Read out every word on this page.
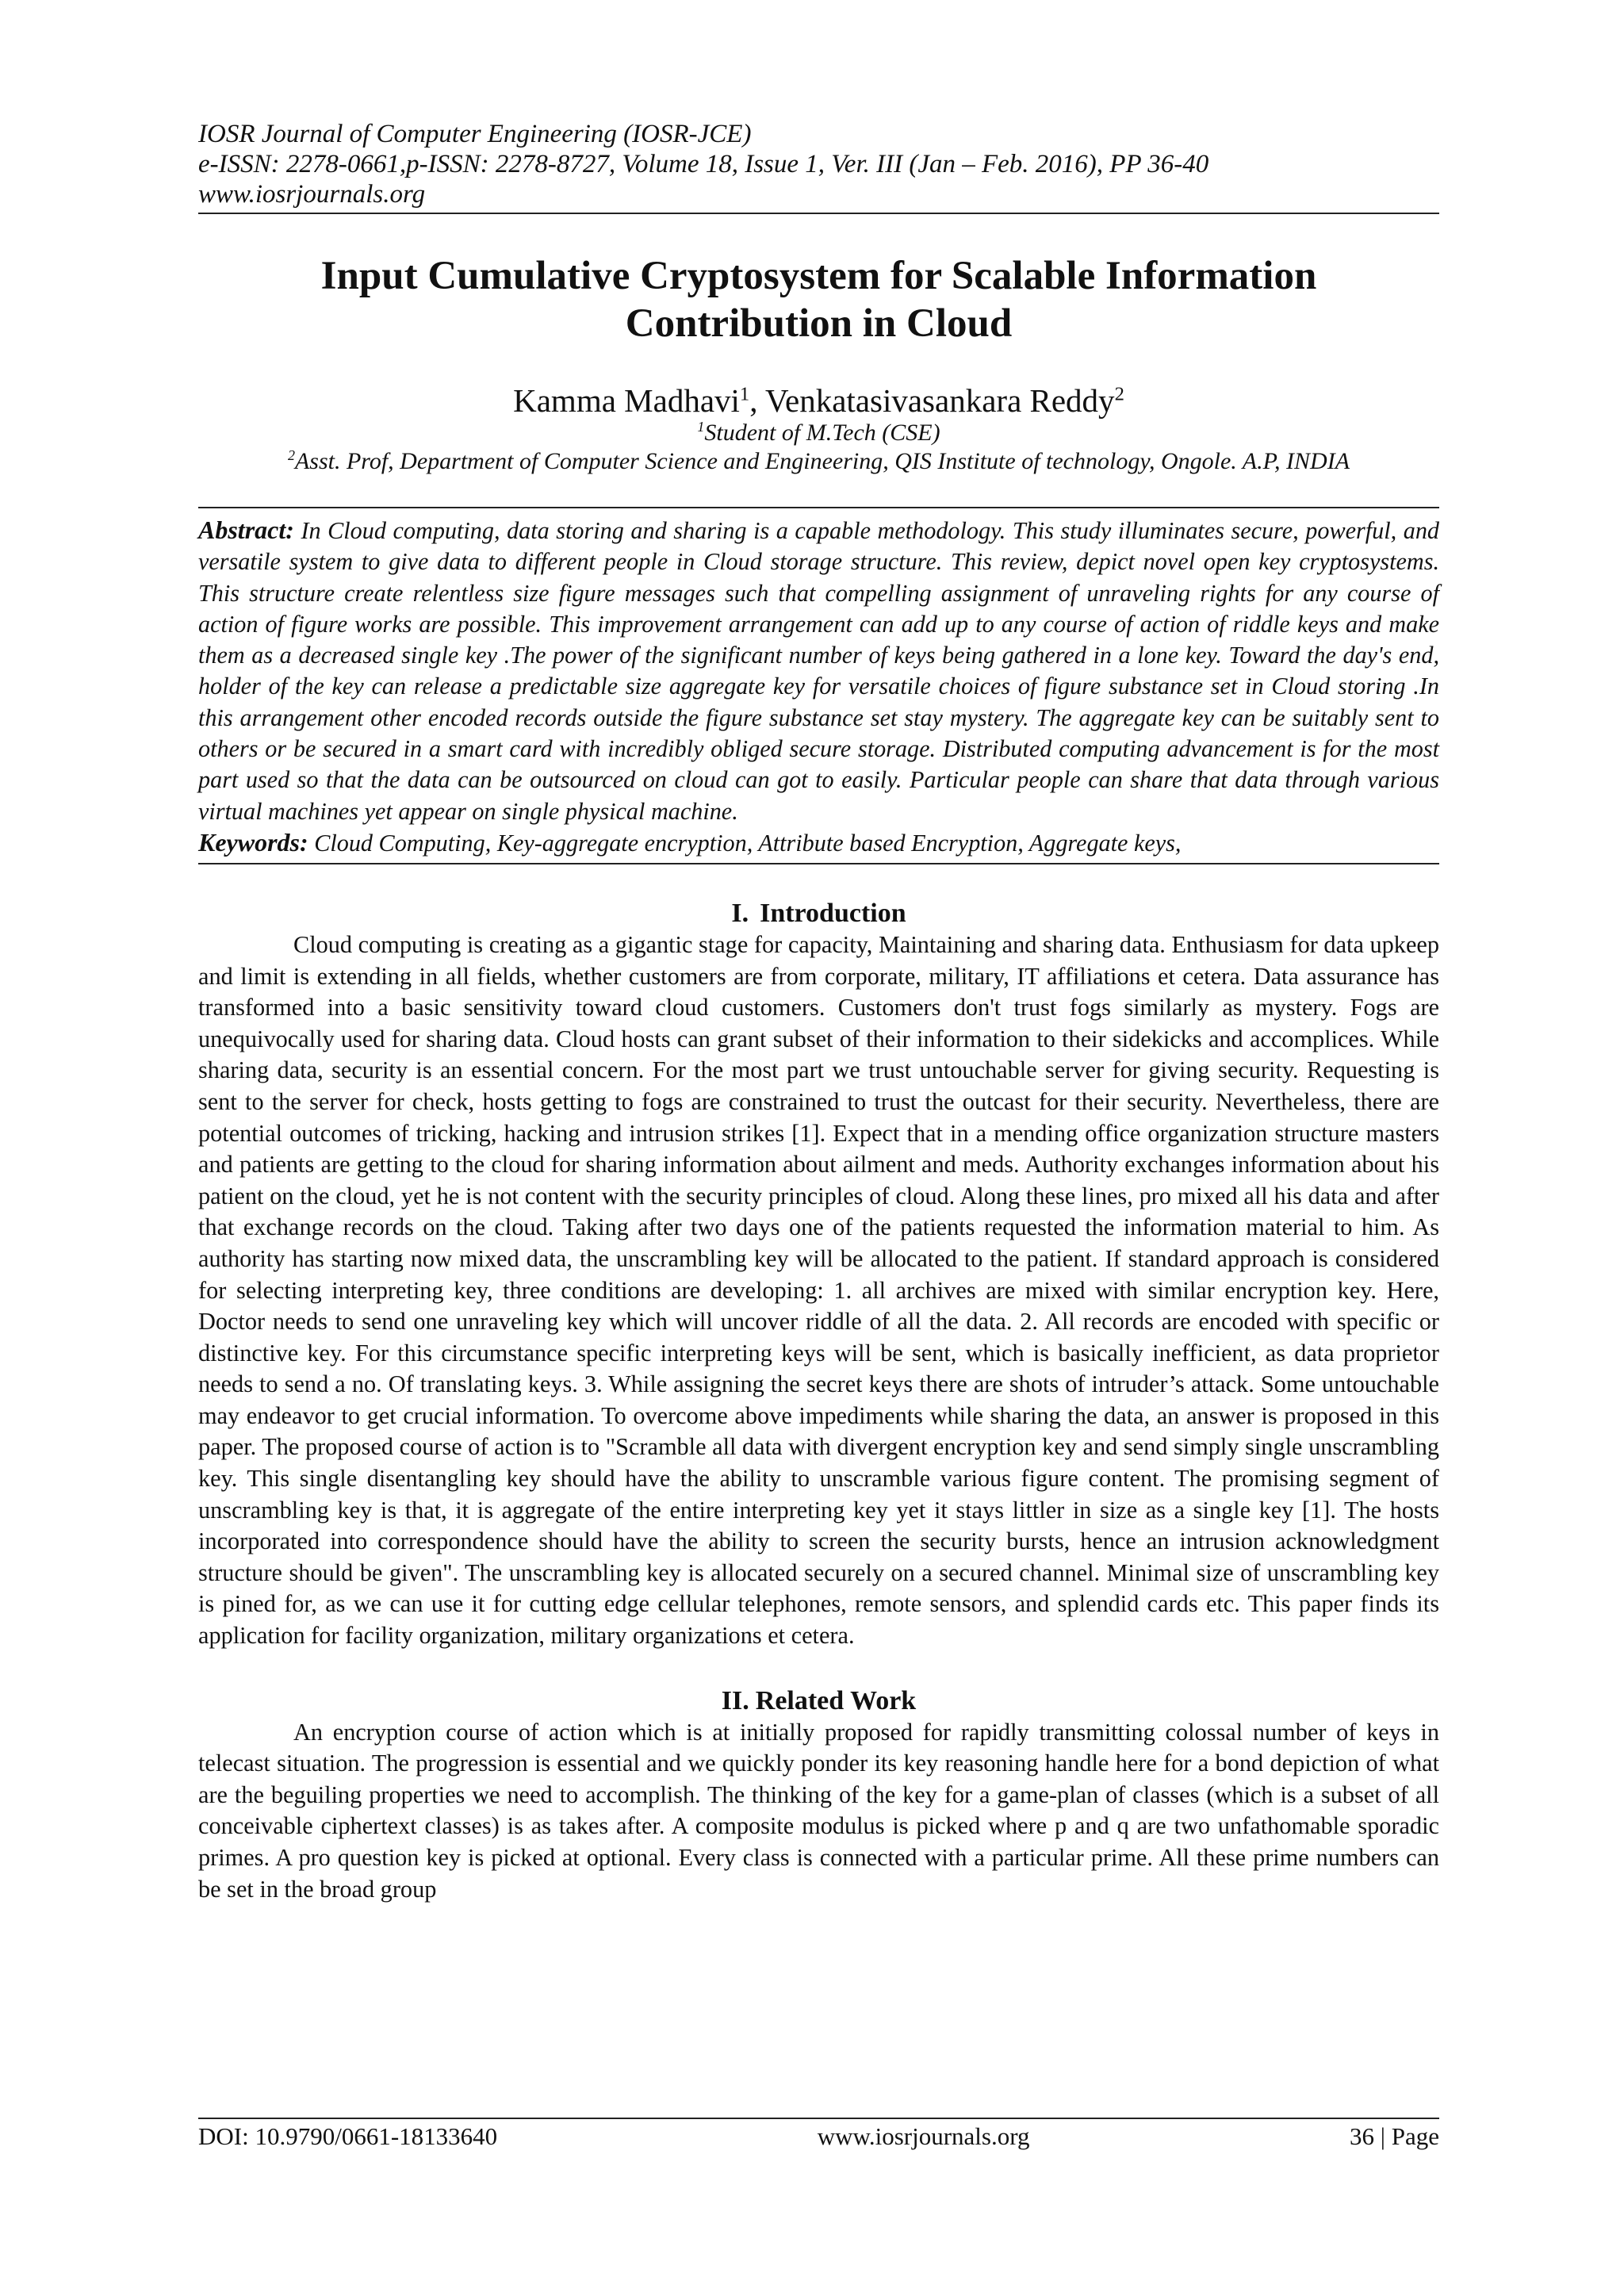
IOSR Journal of Computer Engineering (IOSR-JCE)
e-ISSN: 2278-0661,p-ISSN: 2278-8727, Volume 18, Issue 1, Ver. III (Jan – Feb. 2016), PP 36-40
www.iosrjournals.org
Input Cumulative Cryptosystem for Scalable Information
Contribution in Cloud
Kamma Madhavi$^1$, Venkatasivasankara Reddy$^2$
$^1$Student of M.Tech (CSE)
$^2$Asst. Prof, Department of Computer Science and Engineering, QIS Institute of technology, Ongole. A.P, INDIA

Abstract: In Cloud computing, data storing and sharing is a capable methodology. This study illuminates secure, powerful, and versatile system to give data to different people in Cloud storage structure. This review, depict novel open key cryptosystems. This structure create relentless size figure messages such that compelling assignment of unraveling rights for any course of action of figure works are possible. This improvement arrangement can add up to any course of action of riddle keys and make them as a decreased single key .The power of the significant number of keys being gathered in a lone key. Toward the day's end, holder of the key can release a predictable size aggregate key for versatile choices of figure substance set in Cloud storing .In this arrangement other encoded records outside the figure substance set stay mystery. The aggregate key can be suitably sent to others or be secured in a smart card with incredibly obliged secure storage. Distributed computing advancement is for the most part used so that the data can be outsourced on cloud can got to easily. Particular people can share that data through various virtual machines yet appear on single physical machine.

Keywords: Cloud Computing, Key-aggregate encryption, Attribute based Encryption, Aggregate keys,

I. Introduction

Cloud computing is creating as a gigantic stage for capacity, Maintaining and sharing data. Enthusiasm for data upkeep and limit is extending in all fields, whether customers are from corporate, military, IT affiliations et cetera. Data assurance has transformed into a basic sensitivity toward cloud customers. Customers don't trust fogs similarly as mystery. Fogs are unequivocally used for sharing data. Cloud hosts can grant subset of their information to their sidekicks and accomplices. While sharing data, security is an essential concern. For the most part we trust untouchable server for giving security. Requesting is sent to the server for check, hosts getting to fogs are constrained to trust the outcast for their security. Nevertheless, there are potential outcomes of tricking, hacking and intrusion strikes [1]. Expect that in a mending office organization structure masters and patients are getting to the cloud for sharing information about ailment and meds. Authority exchanges information about his patient on the cloud, yet he is not content with the security principles of cloud. Along these lines, pro mixed all his data and after that exchange records on the cloud. Taking after two days one of the patients requested the information material to him. As authority has starting now mixed data, the unscrambling key will be allocated to the patient. If standard approach is considered for selecting interpreting key, three conditions are developing: 1. all archives are mixed with similar encryption key. Here, Doctor needs to send one unraveling key which will uncover riddle of all the data. 2. All records are encoded with specific or distinctive key. For this circumstance specific interpreting keys will be sent, which is basically inefficient, as data proprietor needs to send a no. Of translating keys. 3. While assigning the secret keys there are shots of intruder’s attack. Some untouchable may endeavor to get crucial information. To overcome above impediments while sharing the data, an answer is proposed in this paper. The proposed course of action is to "Scramble all data with divergent encryption key and send simply single unscrambling key. This single disentangling key should have the ability to unscramble various figure content. The promising segment of unscrambling key is that, it is aggregate of the entire interpreting key yet it stays littler in size as a single key [1]. The hosts incorporated into correspondence should have the ability to screen the security bursts, hence an intrusion acknowledgment structure should be given". The unscrambling key is allocated securely on a secured channel. Minimal size of unscrambling key is pined for, as we can use it for cutting edge cellular telephones, remote sensors, and splendid cards etc. This paper finds its application for facility organization, military organizations et cetera.

II. Related Work

An encryption course of action which is at initially proposed for rapidly transmitting colossal number of keys in telecast situation. The progression is essential and we quickly ponder its key reasoning handle here for a bond depiction of what are the beguiling properties we need to accomplish. The thinking of the key for a game-plan of classes (which is a subset of all conceivable ciphertext classes) is as takes after. A composite modulus is picked where p and q are two unfathomable sporadic primes. A pro question key is picked at optional. Every class is connected with a particular prime. All these prime numbers can be set in the broad group

DOI: 10.9790/0661-18133640	www.iosrjournals.org	36 | Page
